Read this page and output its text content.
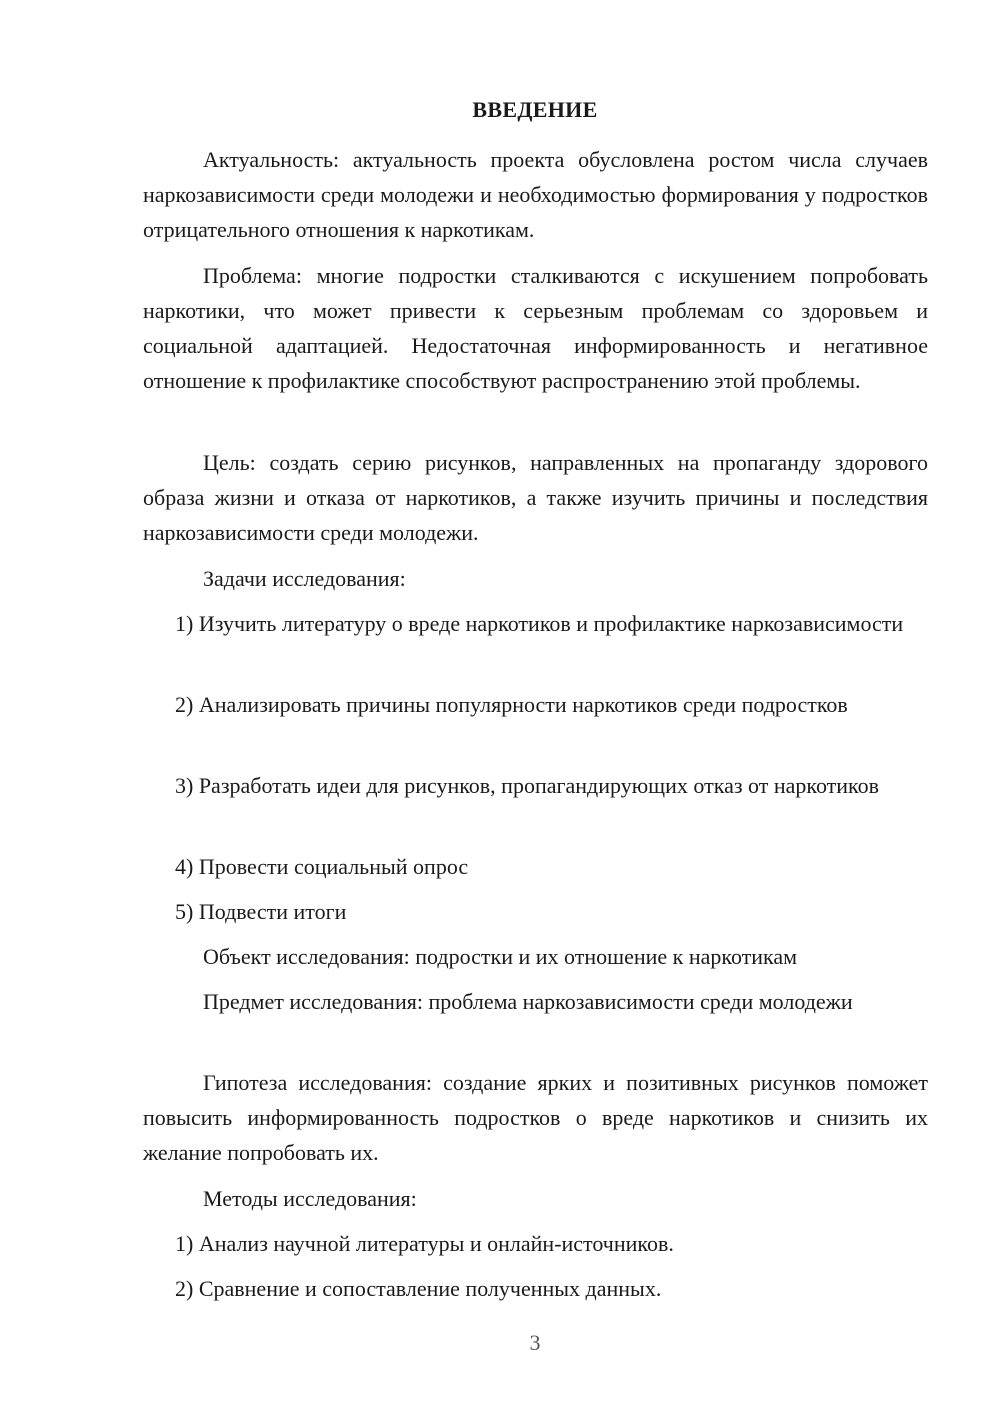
ВВЕДЕНИЕ

Актуальность: актуальность проекта обусловлена ростом числа случаев наркозависимости среди молодежи и необходимостью формирования у подростков отрицательного отношения к наркотикам.

Проблема: многие подростки сталкиваются с искушением попробовать наркотики, что может привести к серьезным проблемам со здоровьем и социальной адаптацией. Недостаточная информированность и негативное отношение к профилактике способствуют распространению этой проблемы.

Цель: создать серию рисунков, направленных на пропаганду здорового образа жизни и отказа от наркотиков, а также изучить причины и последствия наркозависимости среди молодежи.

Задачи исследования:

1) Изучить литературу о вреде наркотиков и профилактике наркозависимости

2) Анализировать причины популярности наркотиков среди подростков

3) Разработать идеи для рисунков, пропагандирующих отказ от наркотиков

4) Провести социальный опрос

5) Подвести итоги

Объект исследования: подростки и их отношение к наркотикам

Предмет исследования: проблема наркозависимости среди молодежи

Гипотеза исследования: создание ярких и позитивных рисунков поможет повысить информированность подростков о вреде наркотиков и снизить их желание попробовать их.

Методы исследования:

1) Анализ научной литературы и онлайн-источников.

2) Сравнение и сопоставление полученных данных.

3
